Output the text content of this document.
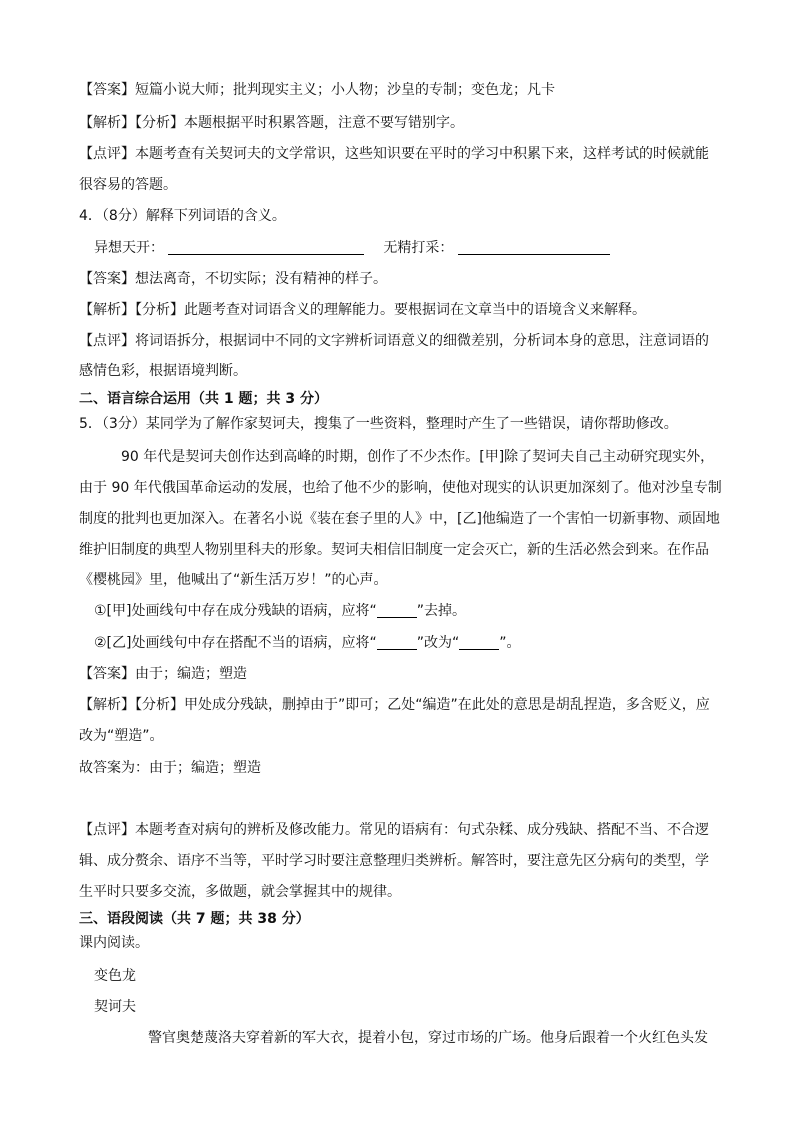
【答案】短篇小说大师；批判现实主义；小人物；沙皇的专制；变色龙；凡卡
【解析】【分析】本题根据平时积累答题，注意不要写错别字。
【点评】本题考查有关契诃夫的文学常识，这些知识要在平时的学习中积累下来，这样考试的时候就能
很容易的答题。
4．（8分）解释下列词语的含义。
异想天开：	无精打采：
【答案】想法离奇，不切实际；没有精神的样子。
【解析】【分析】此题考查对词语含义的理解能力。要根据词在文章当中的语境含义来解释。
【点评】将词语拆分，根据词中不同的文字辨析词语意义的细微差别，分析词本身的意思，注意词语的
感情色彩，根据语境判断。
二、语言综合运用（共 1 题；共 3 分）
5．（3分）某同学为了解作家契诃夫，搜集了一些资料，整理时产生了一些错误，请你帮助修改。
90 年代是契诃夫创作达到高峰的时期，创作了不少杰作。[甲]除了契诃夫自己主动研究现实外，
由于 90 年代俄国革命运动的发展，也给了他不少的影响，使他对现实的认识更加深刻了。他对沙皇专制
制度的批判也更加深入。在著名小说《装在套子里的人》中，[乙]他编造了一个害怕一切新事物、顽固地
维护旧制度的典型人物别里科夫的形象。契诃夫相信旧制度一定会灭亡，新的生活必然会到来。在作品
《樱桃园》里，他喊出了“新生活万岁！”的心声。
①[甲]处画线句中存在成分残缺的语病，应将“	”去掉。
②[乙]处画线句中存在搭配不当的语病，应将“	”改为“	”。
【答案】由于；编造；塑造
【解析】【分析】甲处成分残缺，删掉由于”即可；乙处“编造”在此处的意思是胡乱捏造，多含贬义，应
改为“塑造”。
故答案为：由于；编造；塑造
【点评】本题考查对病句的辨析及修改能力。常见的语病有：句式杂糅、成分残缺、搭配不当、不合逻
辑、成分赘余、语序不当等，平时学习时要注意整理归类辨析。解答时，要注意先区分病句的类型，学
生平时只要多交流，多做题，就会掌握其中的规律。
三、语段阅读（共 7 题；共 38 分）
课内阅读。
变色龙
契诃夫
警官奥楚蔑洛夫穿着新的军大衣，提着小包，穿过市场的广场。他身后跟着一个火红色头发
